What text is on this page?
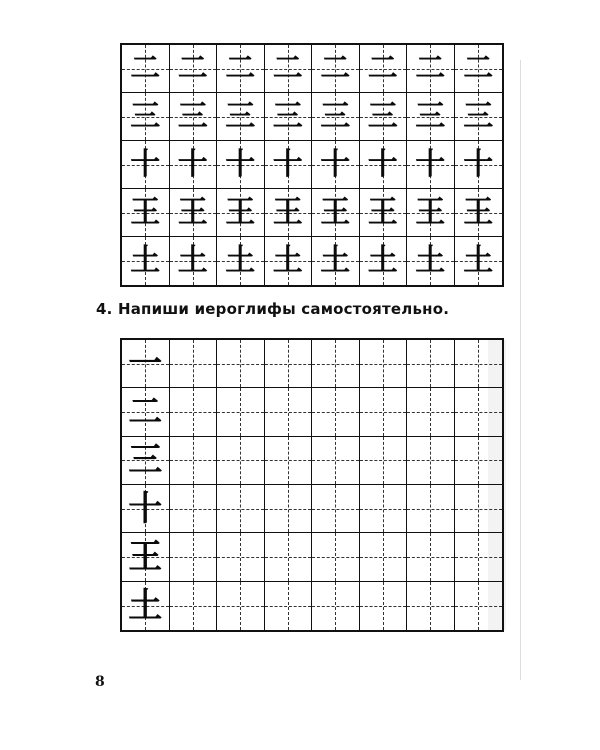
二 二 二 二 二 二 二 二
三 三 三 三 三 三 三 三
十 十 十 十 十 十 十 十
王 王 王 王 王 王 王 王
土 土 土 土 土 土 土 土
4. Напиши иероглифы самостоятельно.
一
二
三
十
王
土
8
